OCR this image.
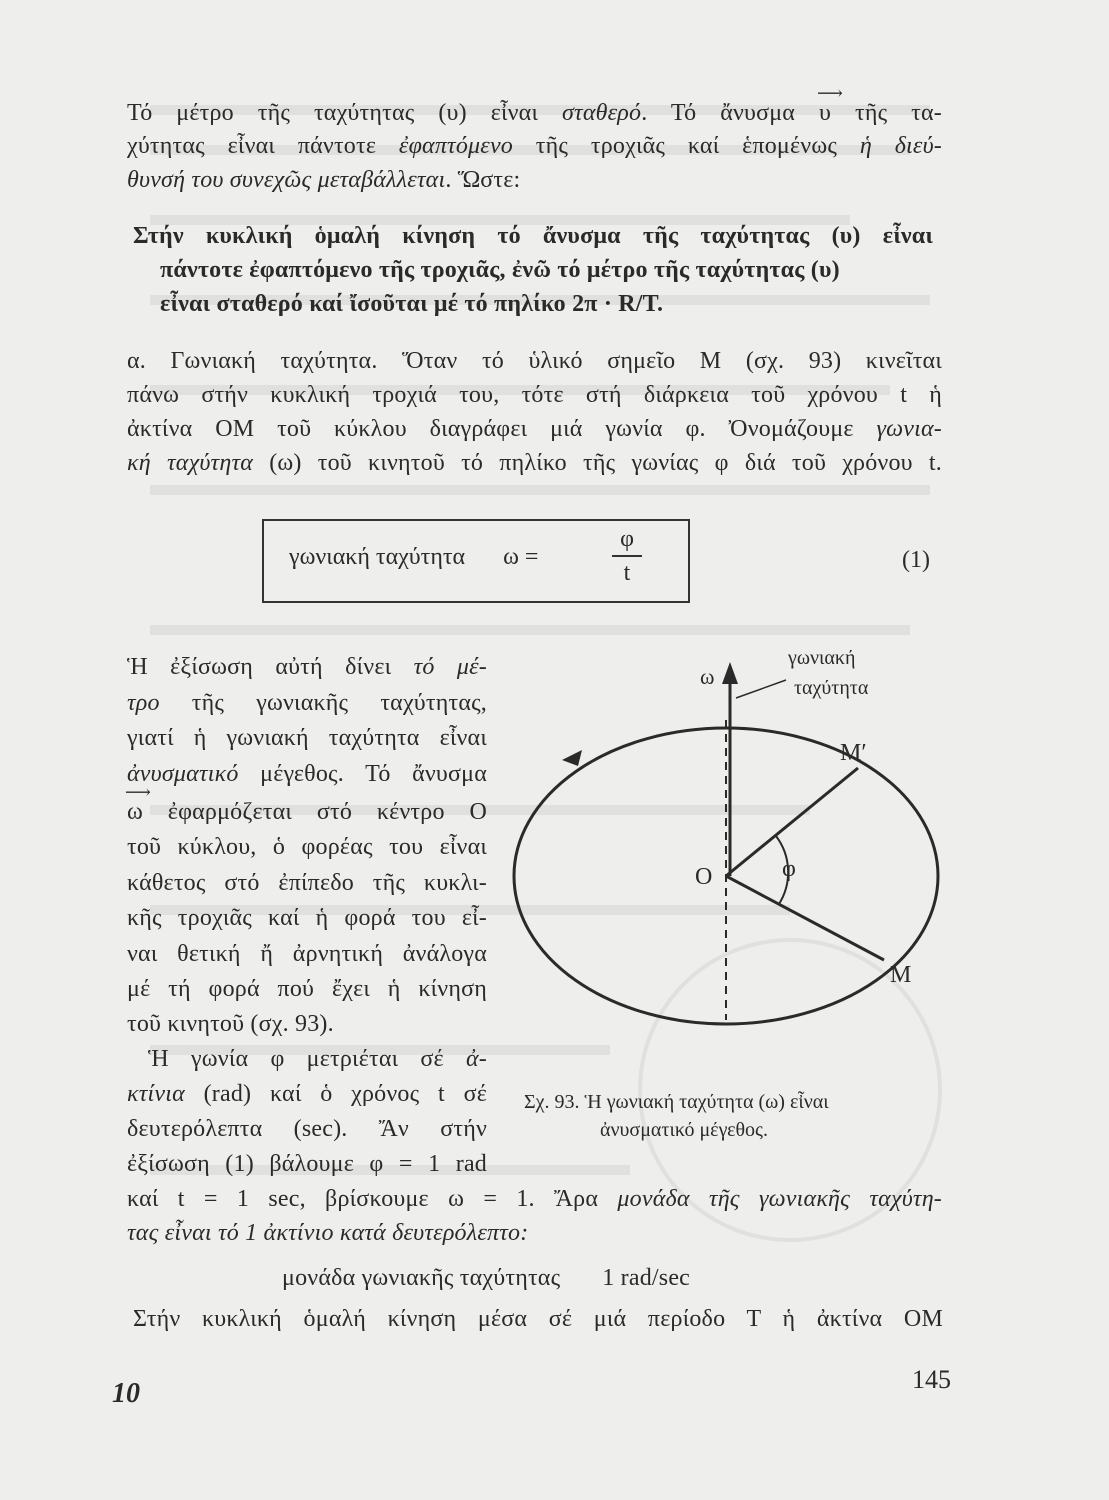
Τό μέτρο τῆς ταχύτητας (υ) εἶναι σταθερό. Τό ἄνυσμα
⟶
υ τῆς τα-
χύτητας εἶναι πάντοτε ἐφαπτόμενο τῆς τροχιᾶς καί ἑπομένως ἡ διεύ-
θυνσή του συνεχῶς μεταβάλλεται. Ὥστε:
Στήν κυκλική ὁμαλή κίνηση τό ἄνυσμα τῆς ταχύτητας (υ) εἶναι
πάντοτε ἐφαπτόμενο τῆς τροχιᾶς, ἐνῶ τό μέτρο τῆς ταχύτητας (υ)
εἶναι σταθερό καί ἴσοῦται μέ τό πηλίκο 2π · R/T.
α. Γωνιακή ταχύτητα. Ὅταν τό ὑλικό σημεῖο Μ (σχ. 93) κινεῖται
πάνω στήν κυκλική τροχιά του, τότε στή διάρκεια τοῦ χρόνου t ἡ
ἀκτίνα ΟΜ τοῦ κύκλου διαγράφει μιά γωνία φ. Ὀνομάζουμε γωνια-
κή ταχύτητα (ω) τοῦ κινητοῦ τό πηλίκο τῆς γωνίας φ διά τοῦ χρόνου t.
γωνιακή ταχύτητα ω =
φ
t	(1)
Ἡ ἐξίσωση αὐτή δίνει τό μέ-
τρο τῆς γωνιακῆς ταχύτητας,
γιατί ἡ γωνιακή ταχύτητα εἶναι
ἀνυσματικό μέγεθος. Τό ἄνυσμα
⟶
ω ἐφαρμόζεται στό κέντρο Ο
τοῦ κύκλου, ὁ φορέας του εἶναι
κάθετος στό ἐπίπεδο τῆς κυκλι-
κῆς τροχιᾶς καί ἡ φορά του εἶ-
ναι θετική ἤ ἀρνητική ἀνάλογα
μέ τή φορά πού ἔχει ἡ κίνηση
τοῦ κινητοῦ (σχ. 93).
Ἡ γωνία φ μετριέται σέ ἀ-
κτίνια (rad) καί ὁ χρόνος t σέ
δευτερόλεπτα (sec). Ἄν στήν
ἐξίσωση (1) βάλουμε φ = 1 rad
καί t = 1 sec, βρίσκουμε ω = 1. Ἄρα μονάδα τῆς γωνιακῆς ταχύτη-
τας εἶναι τό 1 ἀκτίνιο κατά δευτερόλεπτο:
μονάδα γωνιακῆς ταχύτητας 1 rad/sec
Στήν κυκλική ὁμαλή κίνηση μέσα σέ μιά περίοδο Τ ἡ ἀκτίνα ΟΜ
ω
γωνιακή
ταχύτητα
Μ′
Ο	φ
Μ
Σχ. 93. Ἡ γωνιακή ταχύτητα (ω) εἶναι
ἀνυσματικό μέγεθος.
10	145
